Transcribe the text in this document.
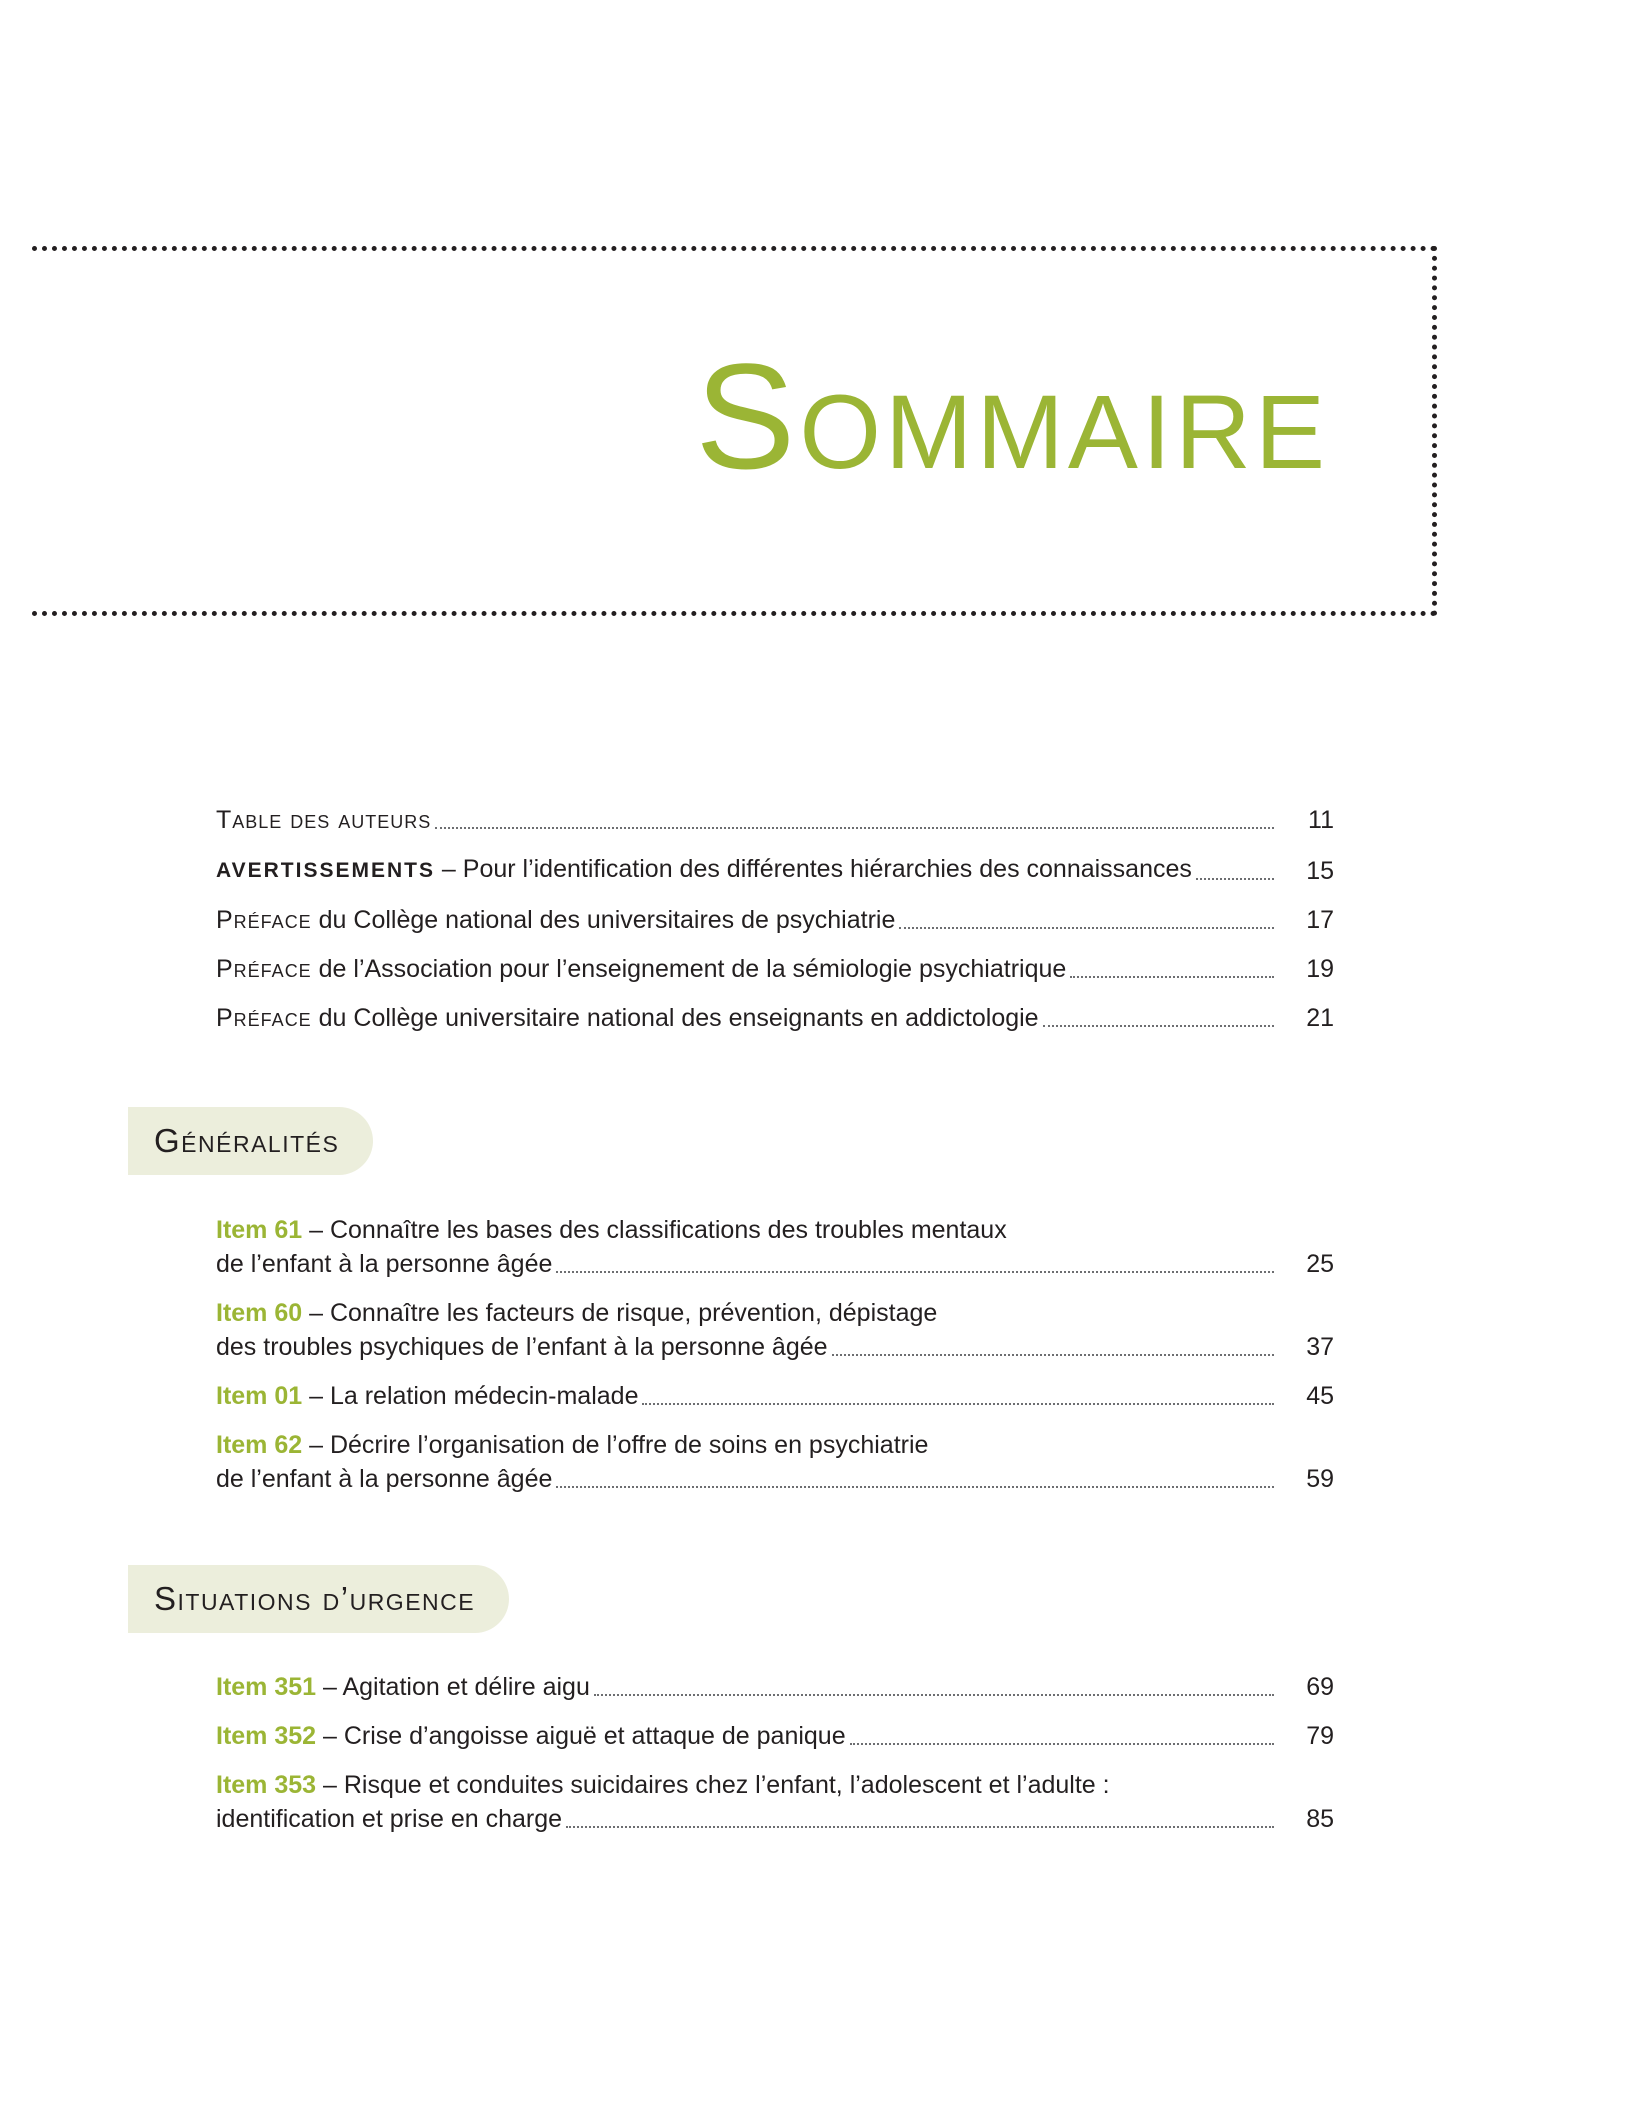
Sommaire
Table des auteurs	11
AVERTISSEMENTS – Pour l’identification des différentes hiérarchies des connaissances	15
Préface du Collège national des universitaires de psychiatrie	17
Préface de l’Association pour l’enseignement de la sémiologie psychiatrique	19
Préface du Collège universitaire national des enseignants en addictologie	21
Généralités
Item 61 – Connaître les bases des classifications des troubles mentaux
de l’enfant à la personne âgée	25
Item 60 – Connaître les facteurs de risque, prévention, dépistage
des troubles psychiques de l’enfant à la personne âgée	37
Item 01 – La relation médecin-malade	45
Item 62 – Décrire l’organisation de l’offre de soins en psychiatrie
de l’enfant à la personne âgée	59
Situations d’urgence
Item 351 – Agitation et délire aigu	69
Item 352 – Crise d’angoisse aiguë et attaque de panique	79
Item 353 – Risque et conduites suicidaires chez l’enfant, l’adolescent et l’adulte :
identification et prise en charge	85
